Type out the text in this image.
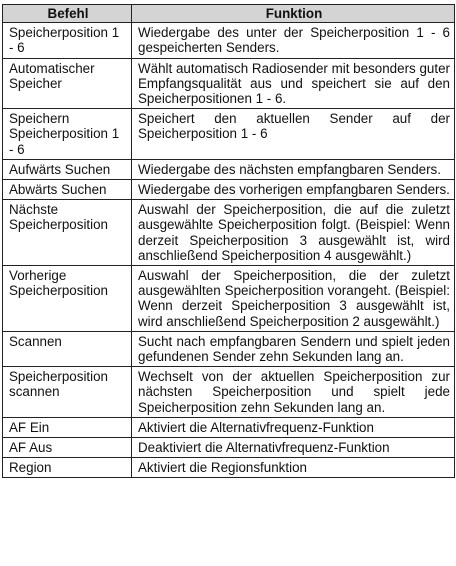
Befehl	Funktion
Speicherposition 1 - 6	Wiedergabe des unter der Speicherposition 1 - 6 gespeicherten Senders.
Automatischer Speicher	Wählt automatisch Radiosender mit besonders guter Empfangsqualität aus und speichert sie auf den Speicherpositionen 1 - 6.
Speichern Speicherposition 1 - 6	Speichert den aktuellen Sender auf der Speicherposition 1 - 6
Aufwärts Suchen	Wiedergabe des nächsten empfangbaren Senders.
Abwärts Suchen	Wiedergabe des vorherigen empfangbaren Senders.
Nächste Speicherposition	Auswahl der Speicherposition, die auf die zuletzt ausgewählte Speicherposition folgt. (Beispiel: Wenn derzeit Speicherposition 3 ausgewählt ist, wird anschließend Speicherposition 4 ausgewählt.)
Vorherige Speicherposition	Auswahl der Speicherposition, die der zuletzt ausgewählten Speicherposition vorangeht. (Beispiel: Wenn derzeit Speicherposition 3 ausgewählt ist, wird anschließend Speicherposition 2 ausgewählt.)
Scannen	Sucht nach empfangbaren Sendern und spielt jeden gefundenen Sender zehn Sekunden lang an.
Speicherposition scannen	Wechselt von der aktuellen Speicherposition zur nächsten Speicherposition und spielt jede Speicherposition zehn Sekunden lang an.
AF Ein	Aktiviert die Alternativfrequenz-Funktion
AF Aus	Deaktiviert die Alternativfrequenz-Funktion
Region	Aktiviert die Regionsfunktion
